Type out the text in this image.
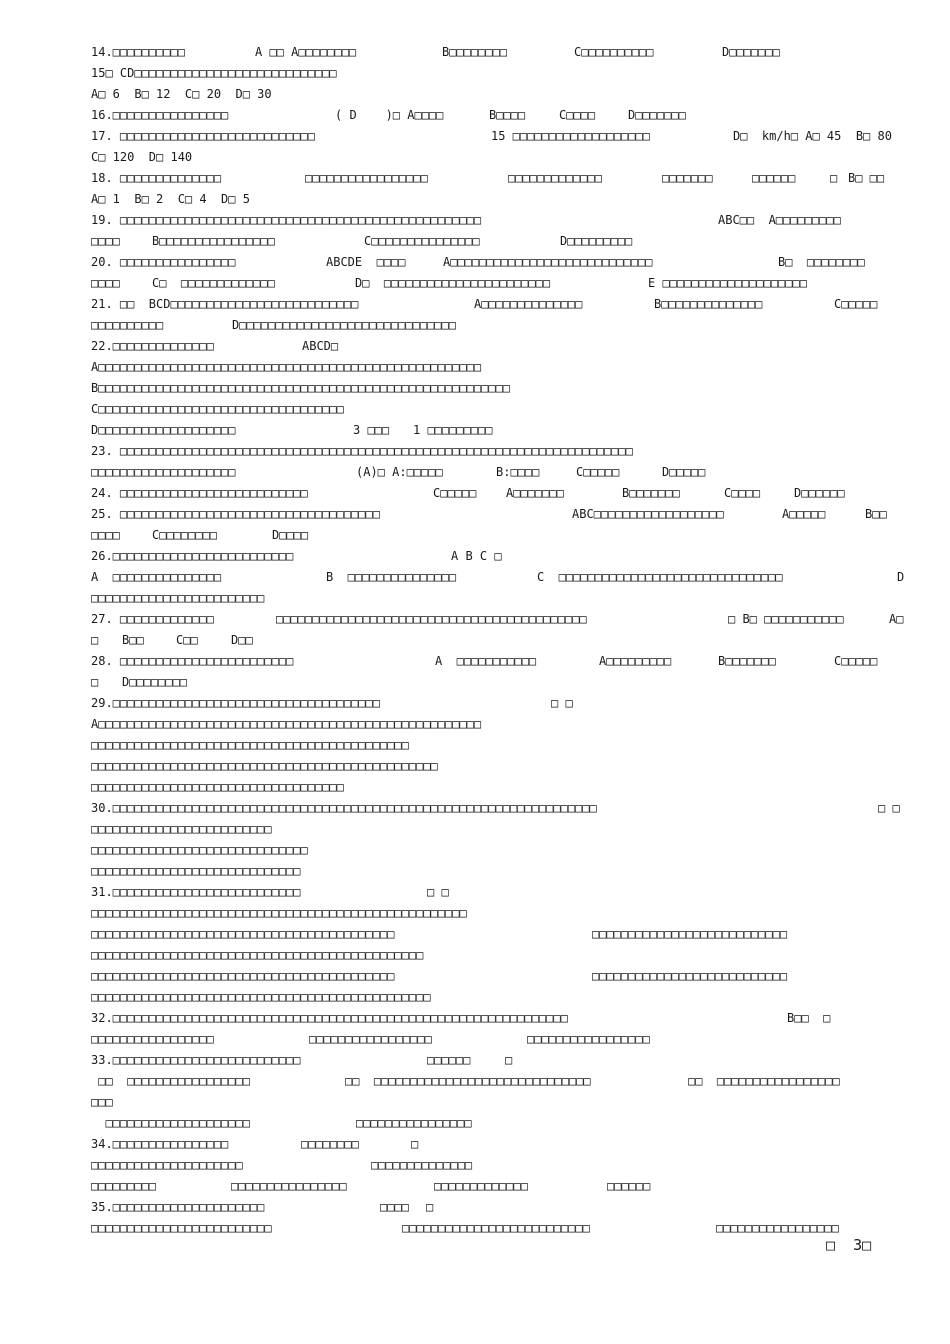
14.□□□□□□□□□□	A □□ A□□□□□□□□	B□□□□□□□□	C□□□□□□□□□□	D□□□□□□□
15□ CD□□□□□□□□□□□□□□□□□□□□□□□□□□□□
A□ 6  B□ 12  C□ 20  D□ 30
16.□□□□□□□□□□□□□□□□	( D    )□ A□□□□	B□□□□	C□□□□	D□□□□□□□
17. □□□□□□□□□□□□□□□□□□□□□□□□□□□	15 □□□□□□□□□□□□□□□□□□□	D□  km/h□ A□ 45  B□ 80
C□ 120  D□ 140
18. □□□□□□□□□□□□□□	□□□□□□□□□□□□□□□□□	□□□□□□□□□□□□□	□□□□□□□	□□□□□□	□ B□ □□
A□ 1  B□ 2  C□ 4  D□ 5
19. □□□□□□□□□□□□□□□□□□□□□□□□□□□□□□□□□□□□□□□□□□□□□□□□□□	ABC□□  A□□□□□□□□□
□□□□	B□□□□□□□□□□□□□□□□	C□□□□□□□□□□□□□□□	D□□□□□□□□□
20. □□□□□□□□□□□□□□□□	ABCDE  □□□□	A□□□□□□□□□□□□□□□□□□□□□□□□□□□□	B□  □□□□□□□□
□□□□	C□  □□□□□□□□□□□□□	D□  □□□□□□□□□□□□□□□□□□□□□□□	E □□□□□□□□□□□□□□□□□□□□
21. □□  BCD□□□□□□□□□□□□□□□□□□□□□□□□□□	A□□□□□□□□□□□□□□	B□□□□□□□□□□□□□□	C□□□□□
□□□□□□□□□□	D□□□□□□□□□□□□□□□□□□□□□□□□□□□□□□
22.□□□□□□□□□□□□□□	ABCD□
A□□□□□□□□□□□□□□□□□□□□□□□□□□□□□□□□□□□□□□□□□□□□□□□□□□□□□
B□□□□□□□□□□□□□□□□□□□□□□□□□□□□□□□□□□□□□□□□□□□□□□□□□□□□□□□□□
C□□□□□□□□□□□□□□□□□□□□□□□□□□□□□□□□□□
D□□□□□□□□□□□□□□□□□□□	3 □□□ 1 □□□□□□□□□
23. □□□□□□□□□□□□□□□□□□□□□□□□□□□□□□□□□□□□□□□□□□□□□□□□□□□□□□□□□□□□□□□□□□□□□□□
□□□□□□□□□□□□□□□□□□□□	(A)□ A:□□□□□	B:□□□□	C□□□□□	D□□□□□
24. □□□□□□□□□□□□□□□□□□□□□□□□□□	C□□□□□ A□□□□□□□	B□□□□□□□	C□□□□	D□□□□□□
25. □□□□□□□□□□□□□□□□□□□□□□□□□□□□□□□□□□□□	ABC□□□□□□□□□□□□□□□□□□	A□□□□□	B□□
□□□□	C□□□□□□□□	D□□□□
26.□□□□□□□□□□□□□□□□□□□□□□□□□	A B C □
A  □□□□□□□□□□□□□□□	B  □□□□□□□□□□□□□□□	C  □□□□□□□□□□□□□□□□□□□□□□□□□□□□□□□	D
□□□□□□□□□□□□□□□□□□□□□□□□
27. □□□□□□□□□□□□□	□□□□□□□□□□□□□□□□□□□□□□□□□□□□□□□□□□□□□□□□□□□	□ B□ □□□□□□□□□□□	A□
□ B□□	C□□	D□□
28. □□□□□□□□□□□□□□□□□□□□□□□□	A  □□□□□□□□□□□	A□□□□□□□□□	B□□□□□□□	C□□□□□
□ D□□□□□□□□
29.□□□□□□□□□□□□□□□□□□□□□□□□□□□□□□□□□□□□□	□ □
A□□□□□□□□□□□□□□□□□□□□□□□□□□□□□□□□□□□□□□□□□□□□□□□□□□□□□
□□□□□□□□□□□□□□□□□□□□□□□□□□□□□□□□□□□□□□□□□□□□
□□□□□□□□□□□□□□□□□□□□□□□□□□□□□□□□□□□□□□□□□□□□□□□□
□□□□□□□□□□□□□□□□□□□□□□□□□□□□□□□□□□□
30.□□□□□□□□□□□□□□□□□□□□□□□□□□□□□□□□□□□□□□□□□□□□□□□□□□□□□□□□□□□□□□□□□□□	□ □
□□□□□□□□□□□□□□□□□□□□□□□□□
□□□□□□□□□□□□□□□□□□□□□□□□□□□□□□
□□□□□□□□□□□□□□□□□□□□□□□□□□□□□
31.□□□□□□□□□□□□□□□□□□□□□□□□□□	□ □
□□□□□□□□□□□□□□□□□□□□□□□□□□□□□□□□□□□□□□□□□□□□□□□□□□□□
□□□□□□□□□□□□□□□□□□□□□□□□□□□□□□□□□□□□□□□□□□	□□□□□□□□□□□□□□□□□□□□□□□□□□□
□□□□□□□□□□□□□□□□□□□□□□□□□□□□□□□□□□□□□□□□□□□□□□
□□□□□□□□□□□□□□□□□□□□□□□□□□□□□□□□□□□□□□□□□□	□□□□□□□□□□□□□□□□□□□□□□□□□□□
□□□□□□□□□□□□□□□□□□□□□□□□□□□□□□□□□□□□□□□□□□□□□□□
32.□□□□□□□□□□□□□□□□□□□□□□□□□□□□□□□□□□□□□□□□□□□□□□□□□□□□□□□□□□□□□□□	B□□  □
□□□□□□□□□□□□□□□□□	□□□□□□□□□□□□□□□□□	□□□□□□□□□□□□□□□□□
33.□□□□□□□□□□□□□□□□□□□□□□□□□□	□□□□□□	□
□□  □□□□□□□□□□□□□□□□□	□□  □□□□□□□□□□□□□□□□□□□□□□□□□□□□□□	□□  □□□□□□□□□□□□□□□□□
□□□
□□□□□□□□□□□□□□□□□□□□	□□□□□□□□□□□□□□□□
34.□□□□□□□□□□□□□□□□	□□□□□□□□	□
□□□□□□□□□□□□□□□□□□□□□	□□□□□□□□□□□□□□
□□□□□□□□□	□□□□□□□□□□□□□□□□	□□□□□□□□□□□□□	□□□□□□
35.□□□□□□□□□□□□□□□□□□□□□	□□□□ □
□□□□□□□□□□□□□□□□□□□□□□□□□	□□□□□□□□□□□□□□□□□□□□□□□□□□	□□□□□□□□□□□□□□□□□
□  3□
